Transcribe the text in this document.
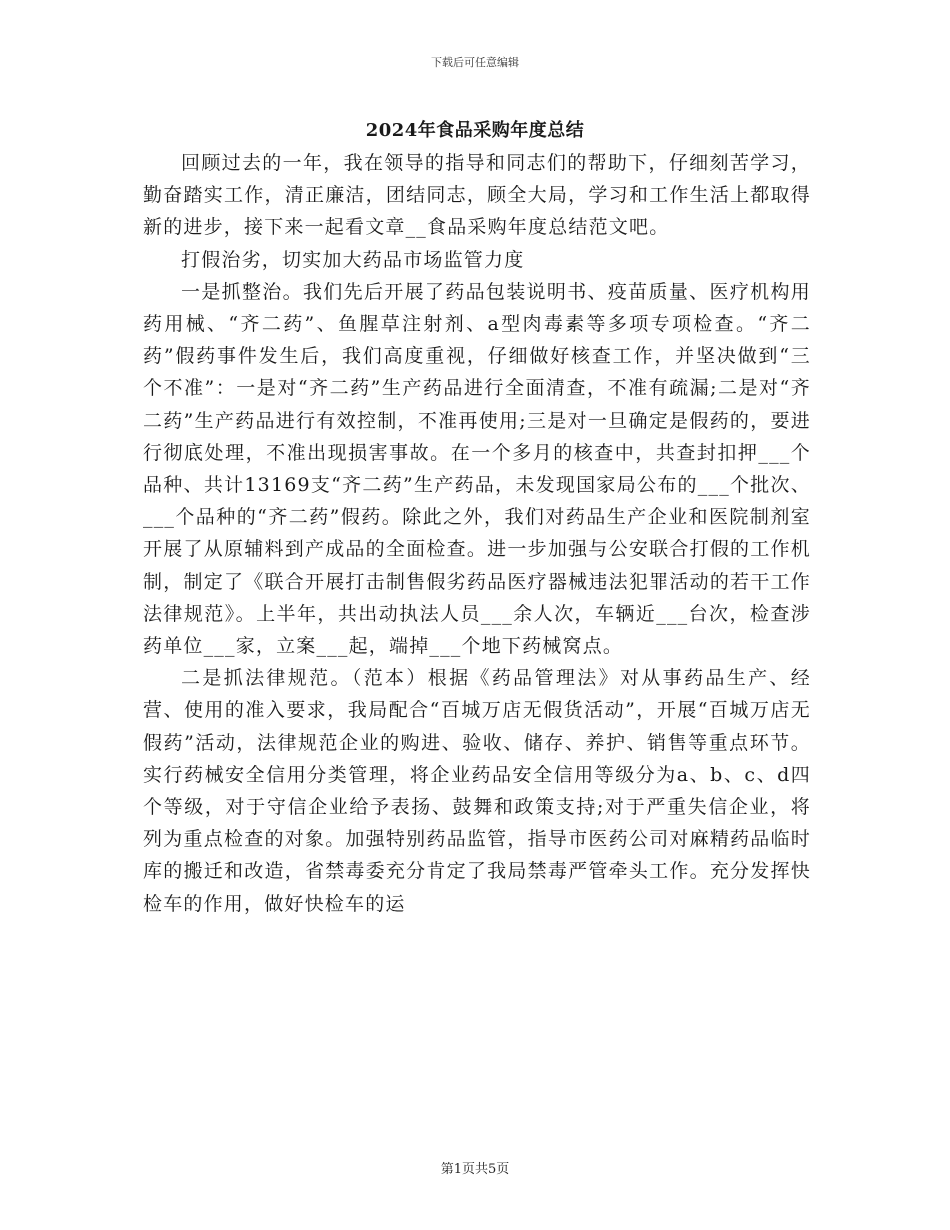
下载后可任意编辑
2024年食品采购年度总结

回顾过去的一年，我在领导的指导和同志们的帮助下，仔细刻苦学习，勤奋踏实工作，清正廉洁，团结同志，顾全大局，学习和工作生活上都取得新的进步，接下来一起看文章__食品采购年度总结范文吧。

打假治劣，切实加大药品市场监管力度

一是抓整治。我们先后开展了药品包装说明书、疫苗质量、医疗机构用药用械、“齐二药”、鱼腥草注射剂、a型肉毒素等多项专项检查。“齐二药”假药事件发生后，我们高度重视，仔细做好核查工作，并坚决做到“三个不准”：一是对“齐二药”生产药品进行全面清查，不准有疏漏;二是对“齐二药”生产药品进行有效控制，不准再使用;三是对一旦确定是假药的，要进行彻底处理，不准出现损害事故。在一个多月的核查中，共查封扣押___个品种、共计13169支“齐二药”生产药品，未发现国家局公布的___个批次、___个品种的“齐二药”假药。除此之外，我们对药品生产企业和医院制剂室开展了从原辅料到产成品的全面检查。进一步加强与公安联合打假的工作机制，制定了《联合开展打击制售假劣药品医疗器械违法犯罪活动的若干工作法律规范》。上半年，共出动执法人员___余人次，车辆近___台次，检查涉药单位___家，立案___起，端掉___个地下药械窝点。

二是抓法律规范。（范本）根据《药品管理法》对从事药品生产、经营、使用的准入要求，我局配合“百城万店无假货活动”，开展“百城万店无假药”活动，法律规范企业的购进、验收、储存、养护、销售等重点环节。实行药械安全信用分类管理，将企业药品安全信用等级分为a、b、c、d四个等级，对于守信企业给予表扬、鼓舞和政策支持;对于严重失信企业，将列为重点检查的对象。加强特别药品监管，指导市医药公司对麻精药品临时库的搬迁和改造，省禁毒委充分肯定了我局禁毒严管牵头工作。充分发挥快检车的作用，做好快检车的运

第1页共5页
